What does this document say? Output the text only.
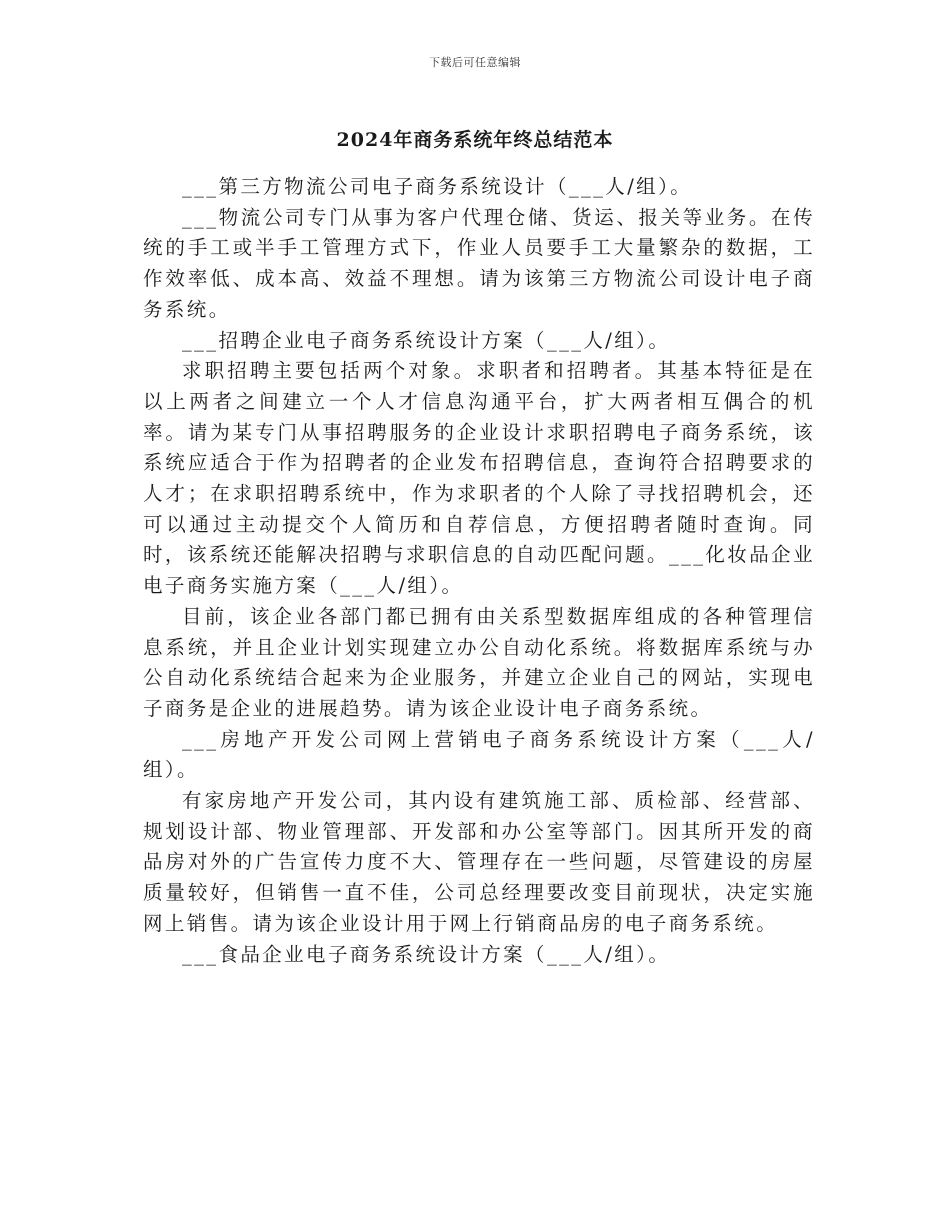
下载后可任意编辑
2024年商务系统年终总结范本

___第三方物流公司电子商务系统设计（___人/组）。

___物流公司专门从事为客户代理仓储、货运、报关等业务。在传统的手工或半手工管理方式下，作业人员要手工大量繁杂的数据，工作效率低、成本高、效益不理想。请为该第三方物流公司设计电子商务系统。

___招聘企业电子商务系统设计方案（___人/组）。

求职招聘主要包括两个对象。求职者和招聘者。其基本特征是在以上两者之间建立一个人才信息沟通平台，扩大两者相互偶合的机率。请为某专门从事招聘服务的企业设计求职招聘电子商务系统，该系统应适合于作为招聘者的企业发布招聘信息，查询符合招聘要求的人才；在求职招聘系统中，作为求职者的个人除了寻找招聘机会，还可以通过主动提交个人简历和自荐信息，方便招聘者随时查询。同时，该系统还能解决招聘与求职信息的自动匹配问题。___化妆品企业电子商务实施方案（___人/组）。

目前，该企业各部门都已拥有由关系型数据库组成的各种管理信息系统，并且企业计划实现建立办公自动化系统。将数据库系统与办公自动化系统结合起来为企业服务，并建立企业自己的网站，实现电子商务是企业的进展趋势。请为该企业设计电子商务系统。

___房地产开发公司网上营销电子商务系统设计方案（___人/组）。

有家房地产开发公司，其内设有建筑施工部、质检部、经营部、规划设计部、物业管理部、开发部和办公室等部门。因其所开发的商品房对外的广告宣传力度不大、管理存在一些问题，尽管建设的房屋质量较好，但销售一直不佳，公司总经理要改变目前现状，决定实施网上销售。请为该企业设计用于网上行销商品房的电子商务系统。

___食品企业电子商务系统设计方案（___人/组）。
